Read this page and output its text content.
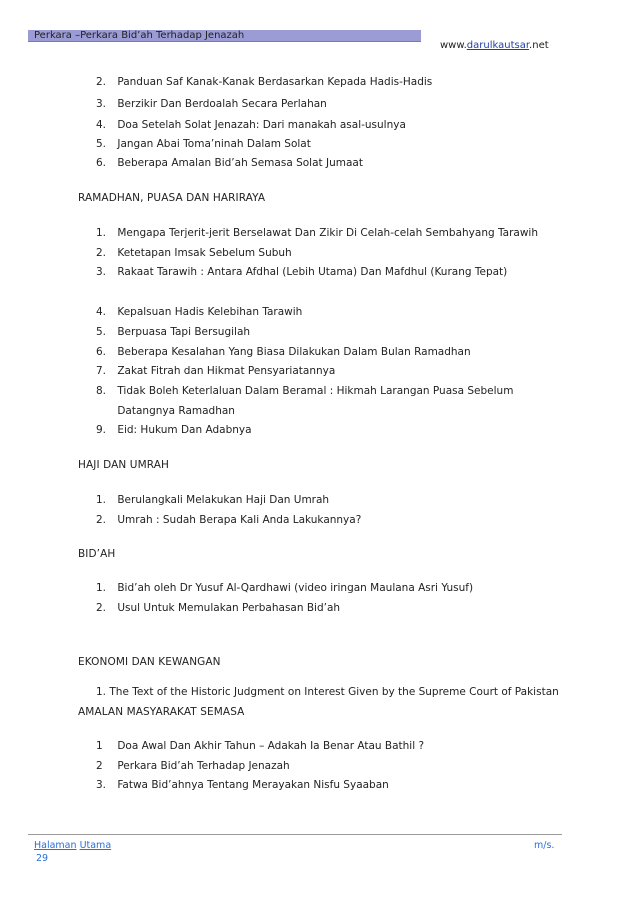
Perkara –Perkara Bid’ah Terhadap Jenazah
www.darulkautsar.net
2. Panduan Saf Kanak-Kanak Berdasarkan Kepada Hadis-Hadis
3. Berzikir Dan Berdoalah Secara Perlahan
4. Doa Setelah Solat Jenazah: Dari manakah asal-usulnya
5. Jangan Abai Toma’ninah Dalam Solat
6. Beberapa Amalan Bid’ah Semasa Solat Jumaat
RAMADHAN, PUASA DAN HARIRAYA
1. Mengapa Terjerit-jerit Berselawat Dan Zikir Di Celah-celah Sembahyang Tarawih
2. Ketetapan Imsak Sebelum Subuh
3. Rakaat Tarawih : Antara Afdhal (Lebih Utama) Dan Mafdhul (Kurang Tepat)
4. Kepalsuan Hadis Kelebihan Tarawih
5. Berpuasa Tapi Bersugilah
6. Beberapa Kesalahan Yang Biasa Dilakukan Dalam Bulan Ramadhan
7. Zakat Fitrah dan Hikmat Pensyariatannya
8. Tidak Boleh Keterlaluan Dalam Beramal : Hikmah Larangan Puasa Sebelum
Datangnya Ramadhan
9. Eid: Hukum Dan Adabnya
HAJI DAN UMRAH
1. Berulangkali Melakukan Haji Dan Umrah
2. Umrah : Sudah Berapa Kali Anda Lakukannya?
BID’AH
1. Bid’ah oleh Dr Yusuf Al-Qardhawi (video iringan Maulana Asri Yusuf)
2. Usul Untuk Memulakan Perbahasan Bid’ah
EKONOMI DAN KEWANGAN
1. The Text of the Historic Judgment on Interest Given by the Supreme Court of Pakistan
AMALAN MASYARAKAT SEMASA
1 Doa Awal Dan Akhir Tahun – Adakah Ia Benar Atau Bathil ?
2 Perkara Bid’ah Terhadap Jenazah
3. Fatwa Bid’ahnya Tentang Merayakan Nisfu Syaaban
Halaman Utama	m/s.
29
